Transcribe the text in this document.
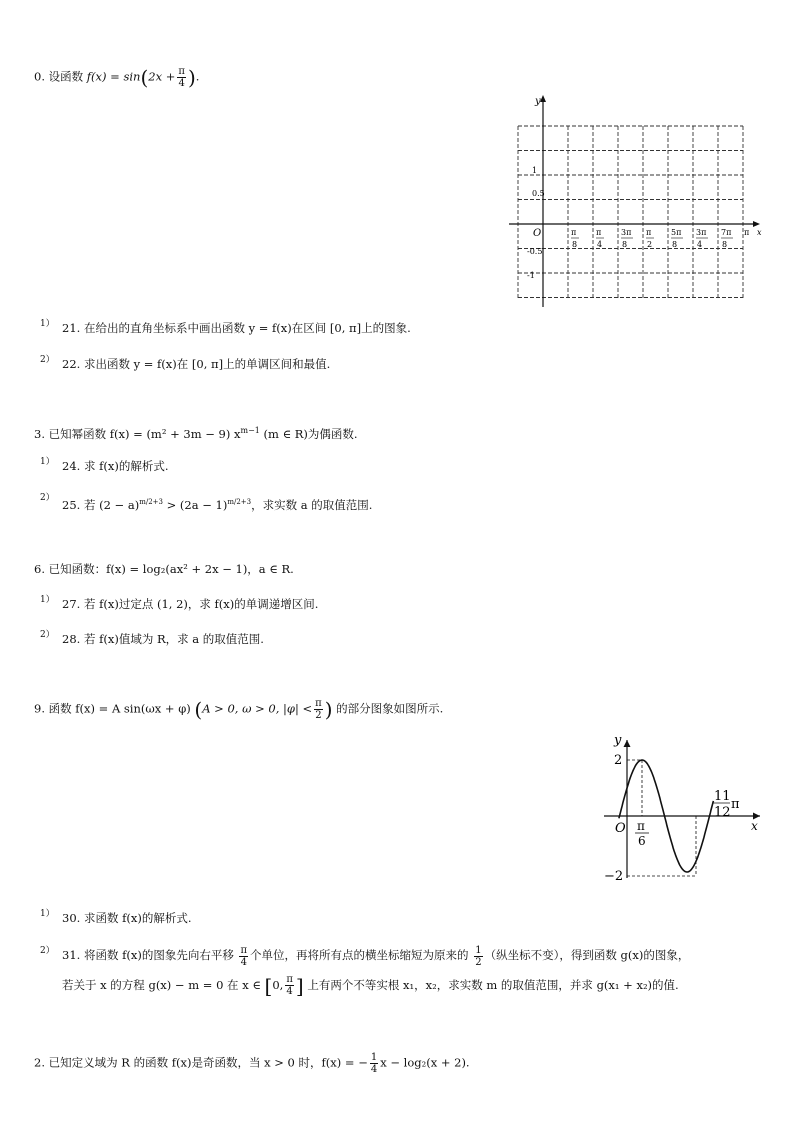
0. 设函数 $f(x) = \sin(2x + \frac{\pi}{4}$ ).
y
O
1
0.5
-0.5
-1
π
8
π
4
3π
8
π
2
5π
8
3π
4
7π
8
π x
1） 21. 在给出的直角坐标系中画出函数 y = f(x)在区间 [0, π]上的图象.
2） 22. 求出函数 y = f(x)在 [0, π]上的单调区间和最值.
3. 已知幂函数 f(x) = (m² + 3m − 9) $x^{m-1}$ (m ∈ R)为偶函数.
1） 24. 求 f(x)的解析式.
2） 25. 若 $(2 - a)^{m/2+3} > (2a - 1)^{m/2+3}$，求实数 a 的取值范围.
6. 已知函数：f(x) = log₂(ax² + 2x − 1)，a ∈ R.
1） 27. 若 f(x)过定点 (1, 2)，求 f(x)的单调递增区间.
2） 28. 若 f(x)值域为 R，求 a 的取值范围.
9. 函数 f(x) = A sin(ωx + φ) (A > 0, ω > 0, $|\varphi| < \frac{\pi}{2}$ ) 的部分图象如图所示.
y
2
−2
O π
6
11
12
π
x
1） 30. 求函数 f(x)的解析式.
2） 31. 将函数 f(x)的图象先向右平移 $\frac{\pi}{4}$ 个单位，再将所有点的横坐标缩短为原来的 $\frac{1}{2}$ （纵坐标不变），得到函数 g(x)的图象，
若关于 x 的方程 g(x) − m = 0 在 x ∈ [0, $\frac{\pi}{4}$ ] 上有两个不等实根 x₁，x₂，求实数 m 的取值范围，并求 g(x₁ + x₂)的值.
2. 已知定义域为 R 的函数 f(x)是奇函数，当 x > 0 时，f(x) = − $\frac{1}{4}$ x − log₂(x + 2).
